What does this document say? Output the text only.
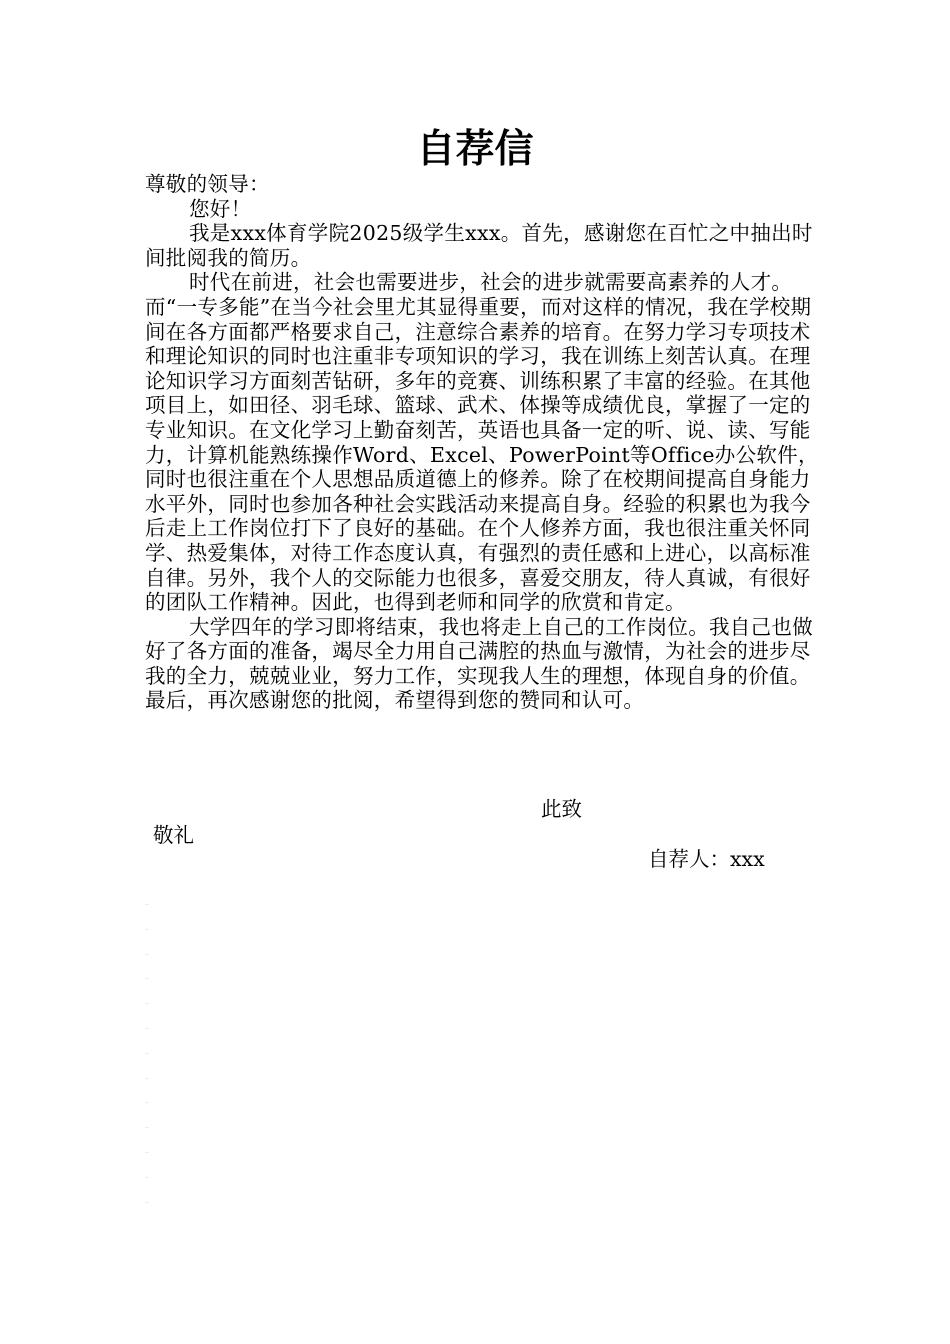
自荐信

尊敬的领导：

您好！

我是xxx体育学院2025级学生xxx。首先，感谢您在百忙之中抽出时间批阅我的简历。

时代在前进，社会也需要进步，社会的进步就需要高素养的人才。而“一专多能”在当今社会里尤其显得重要，而对这样的情况，我在学校期间在各方面都严格要求自己，注意综合素养的培育。在努力学习专项技术和理论知识的同时也注重非专项知识的学习，我在训练上刻苦认真。在理论知识学习方面刻苦钻研，多年的竞赛、训练积累了丰富的经验。在其他项目上，如田径、羽毛球、篮球、武术、体操等成绩优良，掌握了一定的专业知识。在文化学习上勤奋刻苦，英语也具备一定的听、说、读、写能力，计算机能熟练操作Word、Excel、PowerPoint等Office办公软件，同时也很注重在个人思想品质道德上的修养。除了在校期间提高自身能力水平外，同时也参加各种社会实践活动来提高自身。经验的积累也为我今后走上工作岗位打下了良好的基础。在个人修养方面，我也很注重关怀同学、热爱集体，对待工作态度认真，有强烈的责任感和上进心，以高标准自律。另外，我个人的交际能力也很多，喜爱交朋友，待人真诚，有很好的团队工作精神。因此，也得到老师和同学的欣赏和肯定。

大学四年的学习即将结束，我也将走上自己的工作岗位。我自己也做好了各方面的准备，竭尽全力用自己满腔的热血与激情，为社会的进步尽我的全力，兢兢业业，努力工作，实现我人生的理想，体现自身的价值。最后，再次感谢您的批阅，希望得到您的赞同和认可。

此致
敬礼
自荐人：xxx
—
—
—
—
—
—
—
—
—
—
—
—
—
